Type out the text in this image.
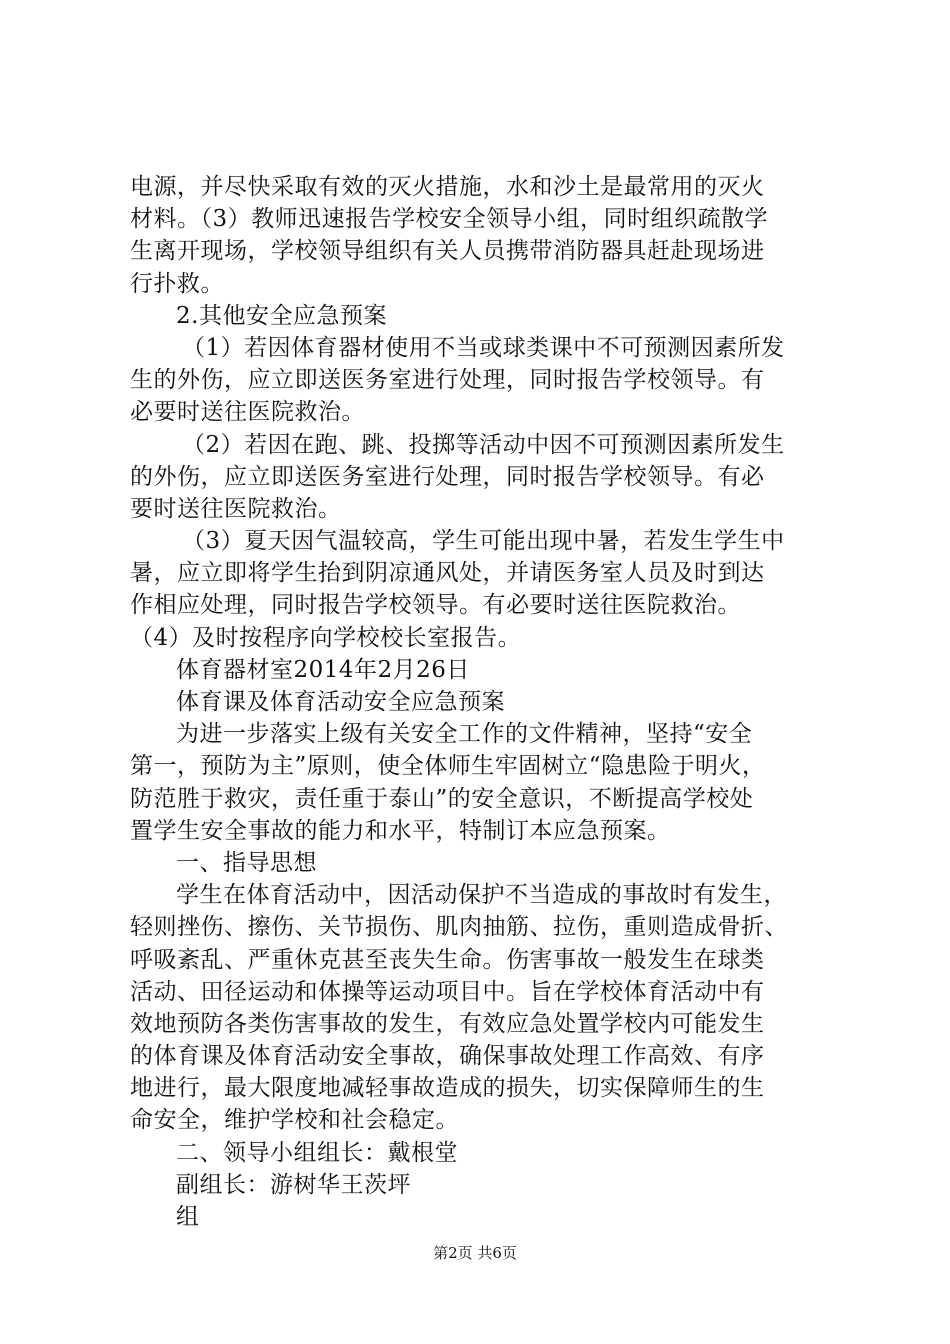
电源，并尽快采取有效的灭火措施，水和沙土是最常用的灭火
材料。（3）教师迅速报告学校安全领导小组，同时组织疏散学
生离开现场，学校领导组织有关人员携带消防器具赶赴现场进
行扑救。
2.其他安全应急预案
（1）若因体育器材使用不当或球类课中不可预测因素所发
生的外伤，应立即送医务室进行处理，同时报告学校领导。有
必要时送往医院救治。
（2）若因在跑、跳、投掷等活动中因不可预测因素所发生
的外伤，应立即送医务室进行处理，同时报告学校领导。有必
要时送往医院救治。
（3）夏天因气温较高，学生可能出现中暑，若发生学生中
暑，应立即将学生抬到阴凉通风处，并请医务室人员及时到达
作相应处理，同时报告学校领导。有必要时送往医院救治。
（4）及时按程序向学校校长室报告。
体育器材室2014年2月26日
体育课及体育活动安全应急预案
为进一步落实上级有关安全工作的文件精神，坚持“安全
第一，预防为主”原则，使全体师生牢固树立“隐患险于明火，
防范胜于救灾，责任重于泰山”的安全意识，不断提高学校处
置学生安全事故的能力和水平，特制订本应急预案。
一、指导思想
学生在体育活动中，因活动保护不当造成的事故时有发生，
轻则挫伤、擦伤、关节损伤、肌肉抽筋、拉伤，重则造成骨折、
呼吸紊乱、严重休克甚至丧失生命。伤害事故一般发生在球类
活动、田径运动和体操等运动项目中。旨在学校体育活动中有
效地预防各类伤害事故的发生，有效应急处置学校内可能发生
的体育课及体育活动安全事故，确保事故处理工作高效、有序
地进行，最大限度地减轻事故造成的损失，切实保障师生的生
命安全，维护学校和社会稳定。
二、领导小组组长：戴根堂
副组长：游树华王茨坪
组
第2页 共6页
